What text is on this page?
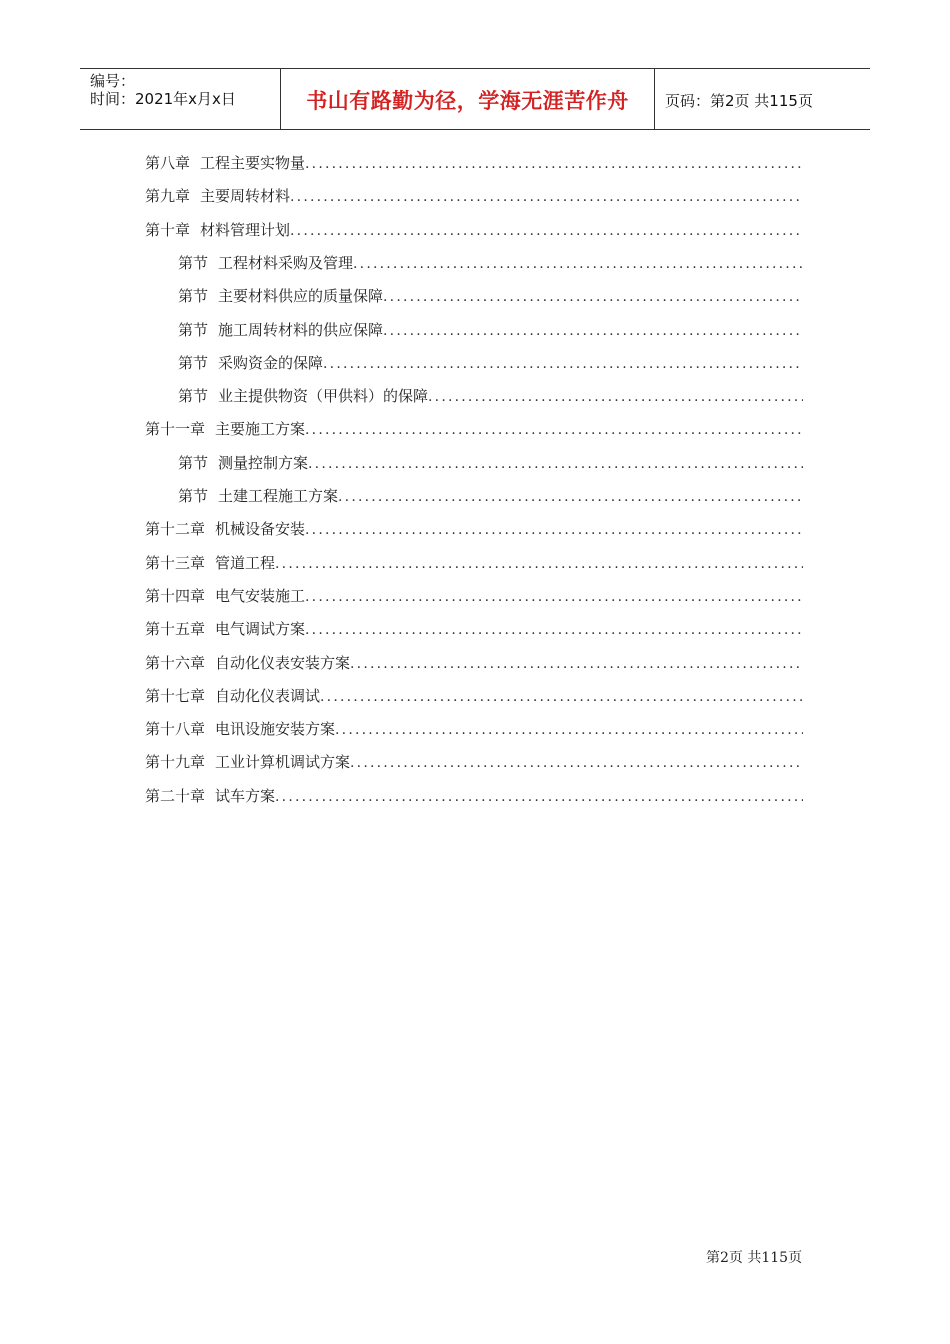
编号：
时间：2021年x月x日	书山有路勤为径，学海无涯苦作舟	页码：第2页 共115页
第八章 工程主要实物量
.....
第九章 主要周转材料
.....
第十章 材料管理计划
.....
第节 工程材料采购及管理
.....
第节 主要材料供应的质量保障
.....
第节 施工周转材料的供应保障
.....
第节 采购资金的保障
.....
第节 业主提供物资（甲供料）的保障
.....
第十一章 主要施工方案
.....
第节 测量控制方案
.....
第节 土建工程施工方案
.....
第十二章 机械设备安装
.....
第十三章 管道工程
.....
第十四章 电气安装施工
.....
第十五章 电气调试方案
.....
第十六章 自动化仪表安装方案
.....
第十七章 自动化仪表调试
.....
第十八章 电讯设施安装方案
.....
第十九章 工业计算机调试方案
.....
第二十章 试车方案
.....
第2页 共115页
